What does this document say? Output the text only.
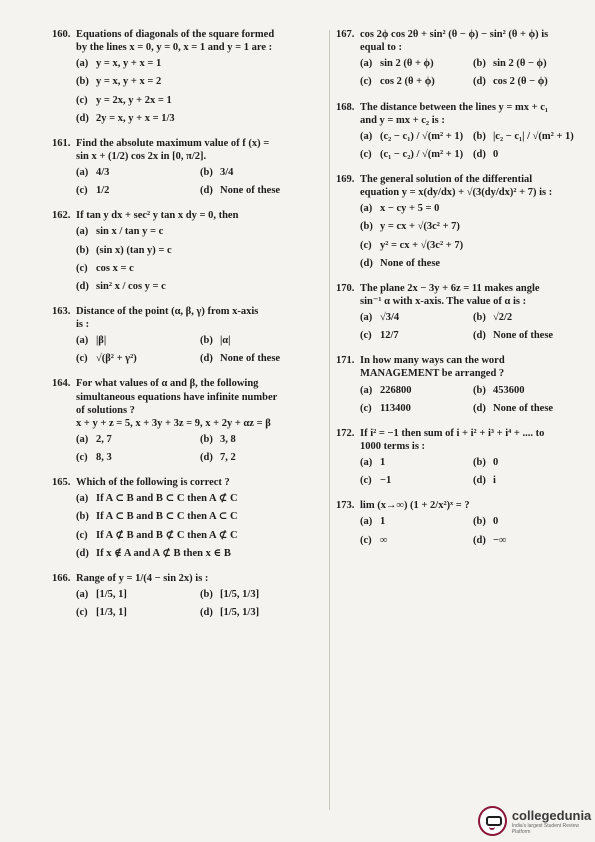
160. Equations of diagonals of the square formed
by the lines x = 0, y = 0, x = 1 and y = 1 are :
(a) y = x, y + x = 1
(b) y = x, y + x = 2
(c) y = 2x, y + 2x = 1
(d) 2y = x, y + x = 1/3
161. Find the absolute maximum value of f (x) =
sin x + (1/2) cos 2x in [0, π/2].
(a) 4/3	(b) 3/4
(c) 1/2	(d) None of these
162. If tan y dx + sec² y tan x dy = 0, then
(a) sin x / tan y = c
(b) (sin x) (tan y) = c
(c) cos x = c
(d) sin² x / cos y = c
163. Distance of the point (α, β, γ) from x-axis
is :
(a) |β|	(b) |α|
(c) √(β² + γ²)	(d) None of these
164. For what values of α and β, the following
simultaneous equations have infinite number
of solutions ?
x + y + z = 5, x + 3y + 3z = 9, x + 2y + αz = β
(a) 2, 7	(b) 3, 8
(c) 8, 3	(d) 7, 2
165. Which of the following is correct ?
(a) If A ⊂ B and B ⊂ C then A ⊄ C
(b) If A ⊂ B and B ⊂ C then A ⊂ C
(c) If A ⊄ B and B ⊄ C then A ⊄ C
(d) If x ∉ A and A ⊄ B then x ∈ B
166. Range of y = 1/(4 − sin 2x) is :
(a) [1/5, 1]	(b) [1/5, 1/3]
(c) [1/3, 1]	(d) [1/5, 1/3]
167. cos 2ϕ cos 2θ + sin² (θ − ϕ) − sin² (θ + ϕ) is
equal to :
(a) sin 2 (θ + ϕ)	(b) sin 2 (θ − ϕ)
(c) cos 2 (θ + ϕ)	(d) cos 2 (θ − ϕ)
168. The distance between the lines y = mx + c₁
and y = mx + c₂ is :
(a) (c₂ − c₁) / √(m² + 1) (b) |c₂ − c₁| / √(m² + 1)
(c) (c₁ − c₂) / √(m² + 1) (d) 0
169. The general solution of the differential
equation y = x(dy/dx) + √(3(dy/dx)² + 7) is :
(a) x − cy + 5 = 0
(b) y = cx + √(3c² + 7)
(c) y² = cx + √(3c² + 7)
(d) None of these
170. The plane 2x − 3y + 6z = 11 makes angle
sin⁻¹ α with x-axis. The value of α is :
(a) √3/4	(b) √2/2
(c) 12/7	(d) None of these
171. In how many ways can the word
MANAGEMENT be arranged ?
(a) 226800	(b) 453600
(c) 113400	(d) None of these
172. If i² = −1 then sum of i + i² + i³ + i⁴ + .... to
1000 terms is :
(a) 1	(b) 0
(c) −1	(d) i
173. lim (x→∞) (1 + 2/x²)ˣ = ?
(a) 1	(b) 0
(c) ∞	(d) −∞
collegedunia
India's largest Student Review Platform
